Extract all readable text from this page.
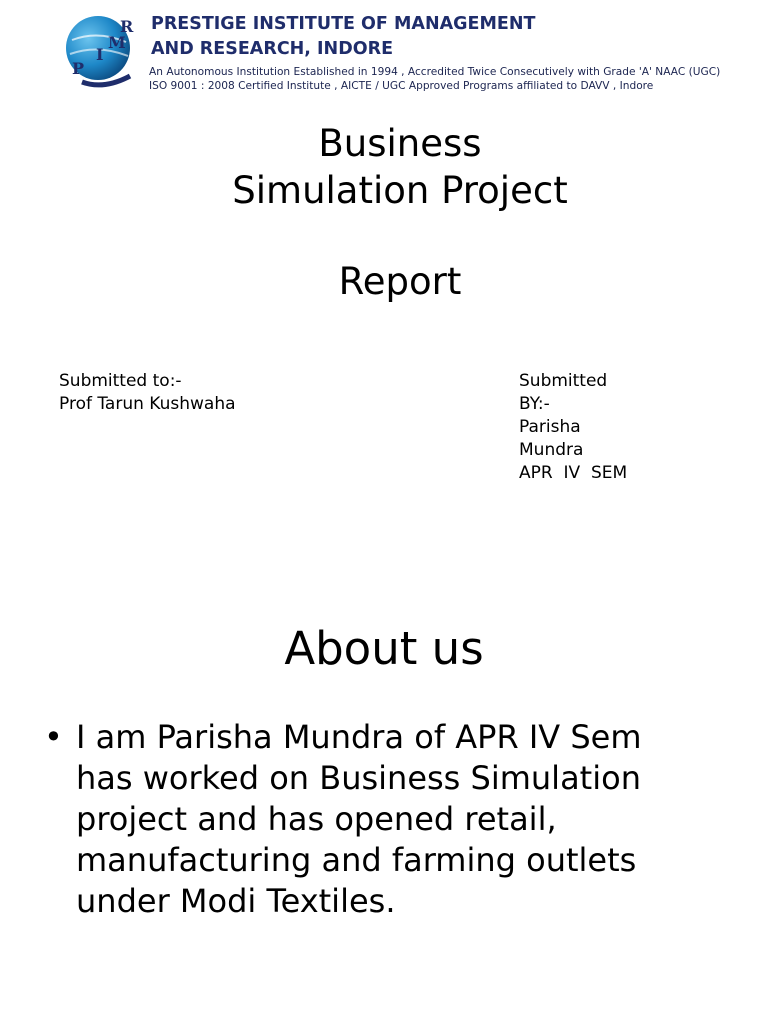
R
M
I
P
PRESTIGE INSTITUTE OF MANAGEMENT
AND RESEARCH, INDORE
An Autonomous Institution Established in 1994 , Accredited Twice Consecutively with Grade 'A' NAAC (UGC)
ISO 9001 : 2008 Certified Institute , AICTE / UGC Approved Programs affiliated to DAVV , Indore
Business
Simulation Project
Report
Submitted to:-
Prof Tarun Kushwaha
Submitted
BY:-
Parisha
Mundra
APR  IV  SEM
About us
• I am Parisha Mundra of APR IV Sem
has worked on Business Simulation
project and has opened retail,
manufacturing and farming outlets
under Modi Textiles.
